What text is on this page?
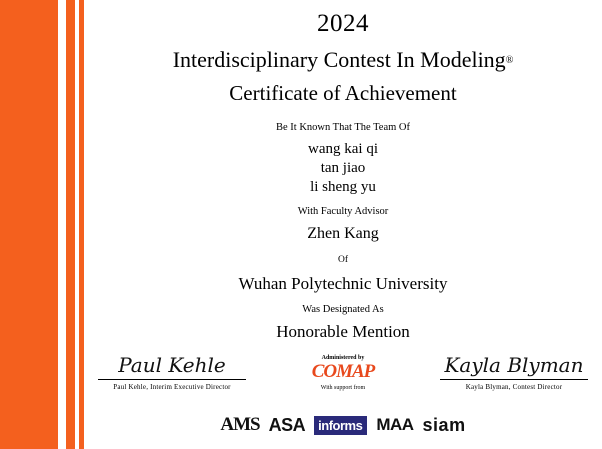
2024
Interdisciplinary Contest In Modeling®
Certificate of Achievement
Be It Known That The Team Of
wang kai qi
tan jiao
li sheng yu
With Faculty Advisor
Zhen Kang
Of
Wuhan Polytechnic University
Was Designated As
Honorable Mention
Paul Kehle
Paul Kehle, Interim Executive Director
Administered by
COMAP
With support from
Kayla Blyman
Kayla Blyman, Contest Director
AMS ASA	informs MAA siam
